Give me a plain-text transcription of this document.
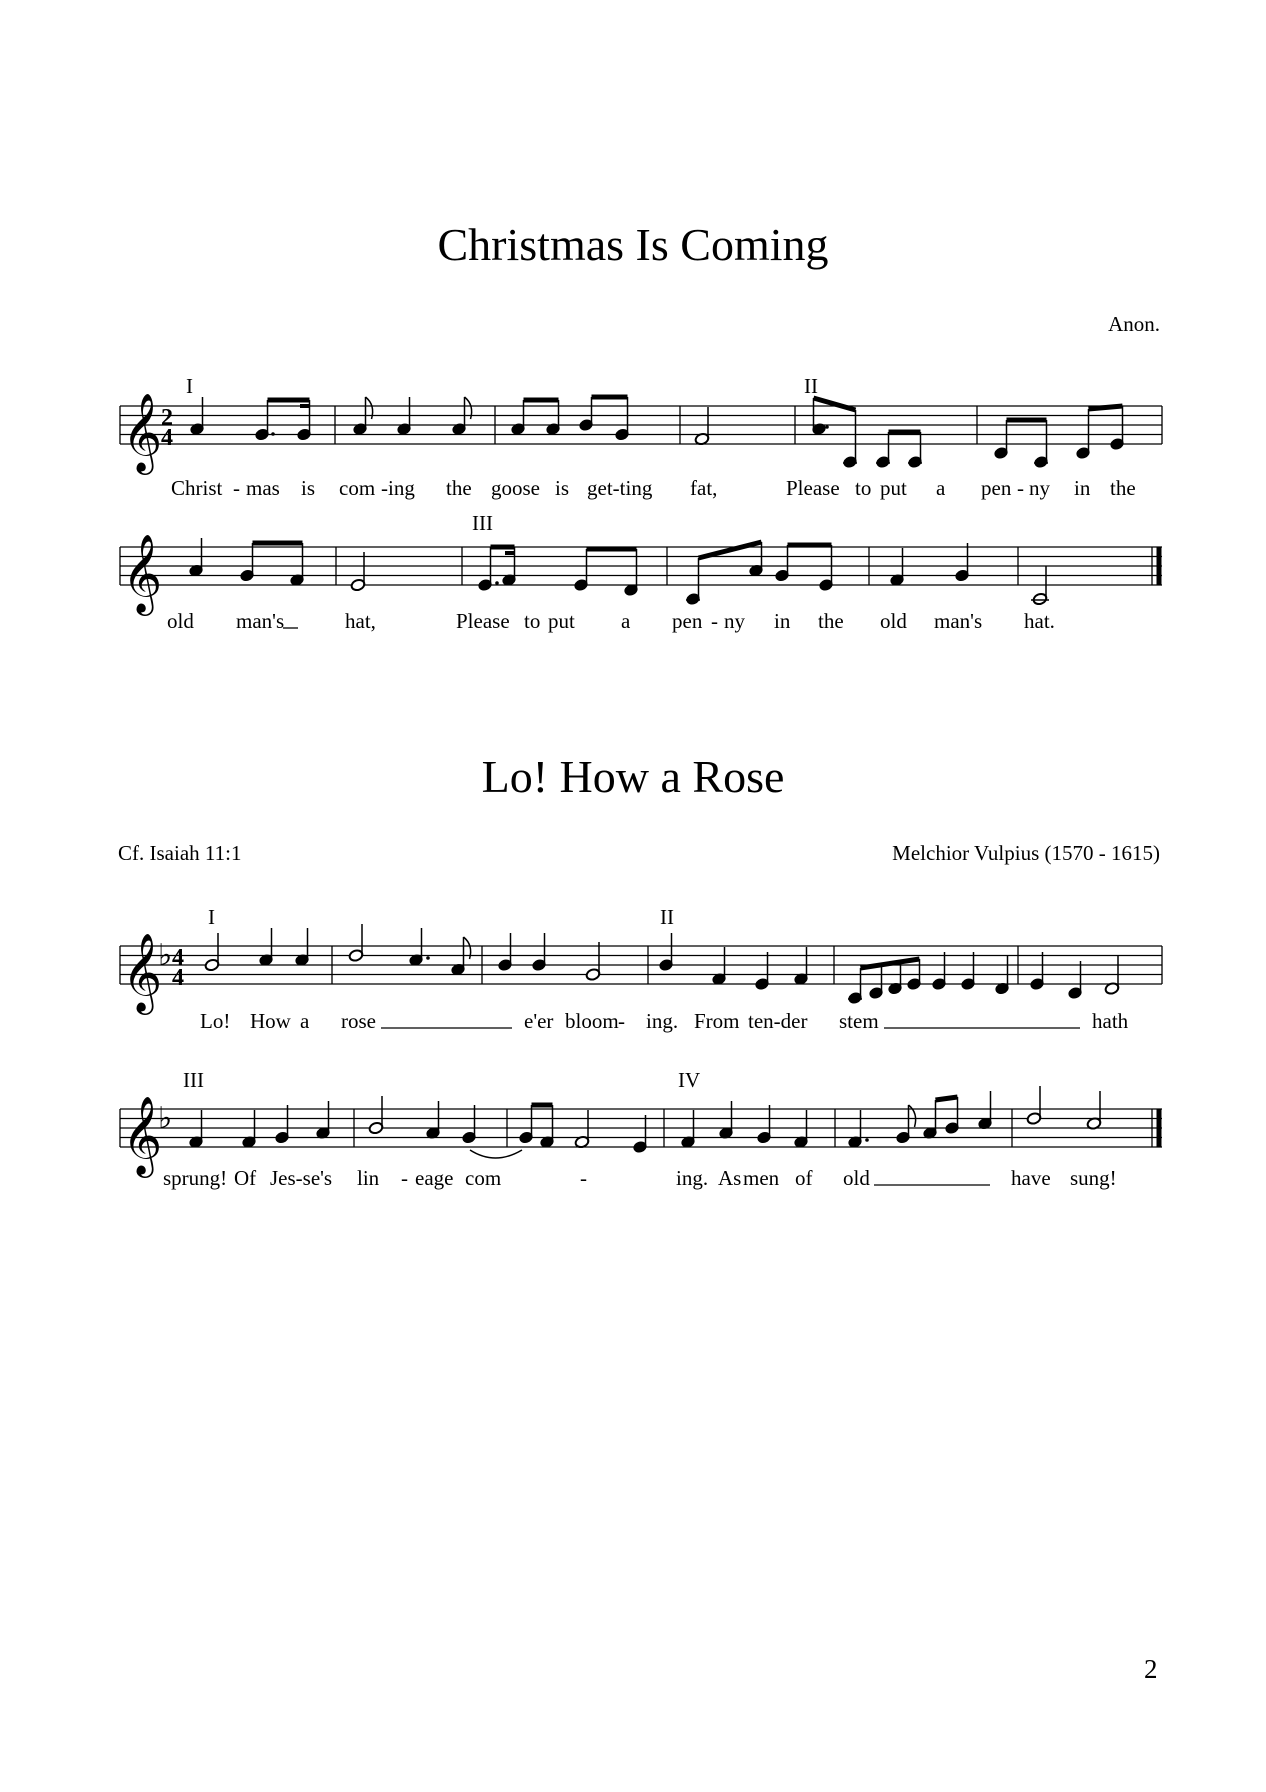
Christmas Is Coming
Anon.
𝄞
2
4
I	II
Christ - mas is com -ing the goose is get-ting fat,	Please to put a pen - ny in the
𝄞
III
old man's	hat,	Please to put a pen - ny in the old man's hat.
Lo! How a Rose
Cf. Isaiah 11:1	Melchior Vulpius (1570 - 1615)
𝄞
♭ 4
4
I	II
Lo! How a rose	e'er bloom - ing. From ten-der stem	hath
𝄞
♭
III	IV
sprung! Of Jes-se's lin - eage com	-	ing. As men of old	have sung!
2
